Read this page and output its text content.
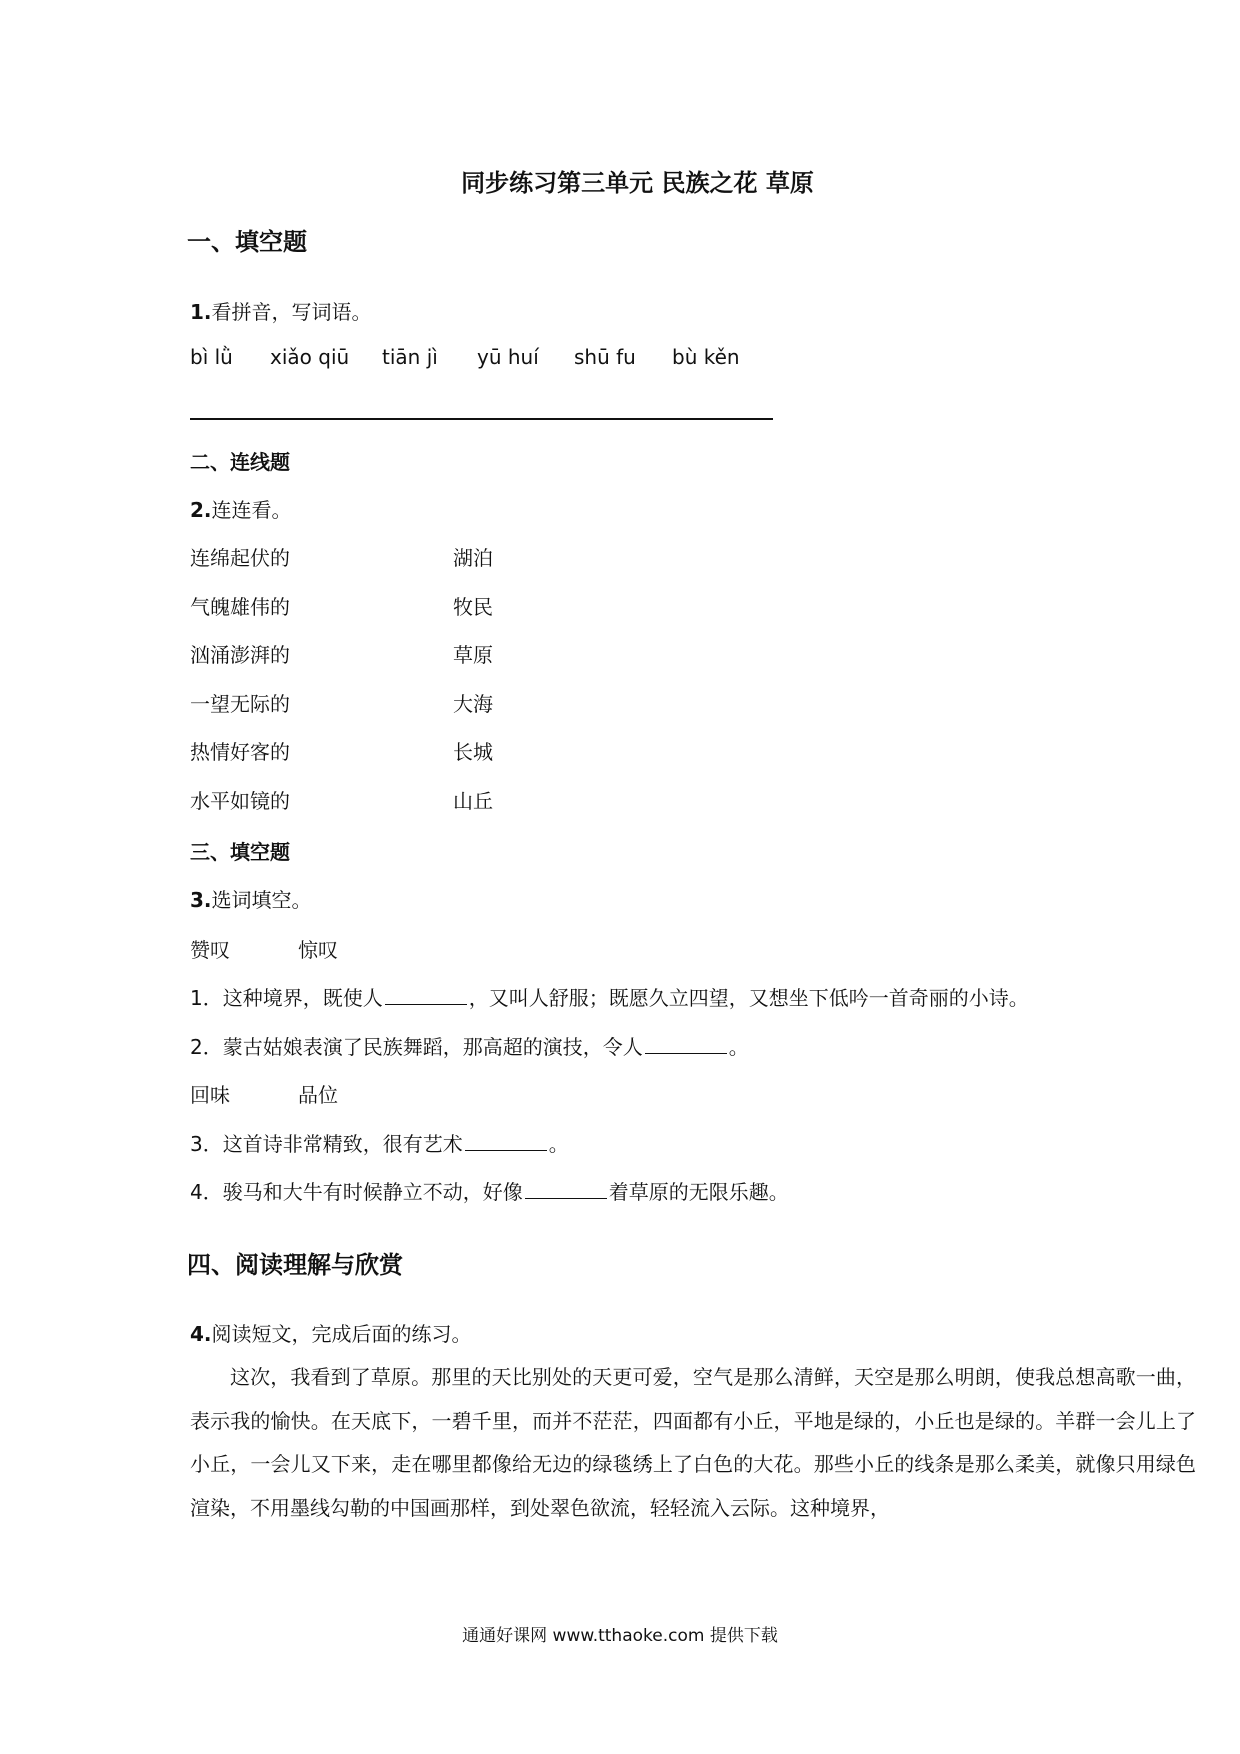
同步练习第三单元 民族之花 草原
一、填空题
1.看拼音，写词语。
bì lǜ xiǎo qiū tiān jì yū huí shū fu bù kěn
二、连线题
2.连连看。
连绵起伏的	湖泊
气魄雄伟的	牧民
汹涌澎湃的	草原
一望无际的	大海
热情好客的	长城
水平如镜的	山丘
三、填空题
3.选词填空。
赞叹	惊叹
1．这种境界，既使人	，又叫人舒服；既愿久立四望，又想坐下低吟一首奇丽的小诗。
2．蒙古姑娘表演了民族舞蹈，那高超的演技，令人	。
回味	品位
3．这首诗非常精致，很有艺术	。
4．骏马和大牛有时候静立不动，好像	着草原的无限乐趣。
四、阅读理解与欣赏
4.阅读短文，完成后面的练习。
这次，我看到了草原。那里的天比别处的天更可爱，空气是那么清鲜，天空是那么明朗，使我总想高歌一曲，表示我的愉快。在天底下，一碧千里，而并不茫茫，四面都有小丘，平地是绿的，小丘也是绿的。羊群一会儿上了小丘，一会儿又下来，走在哪里都像给无边的绿毯绣上了白色的大花。那些小丘的线条是那么柔美，就像只用绿色渲染，不用墨线勾勒的中国画那样，到处翠色欲流，轻轻流入云际。这种境界，
通通好课网 www.tthaoke.com 提供下载
